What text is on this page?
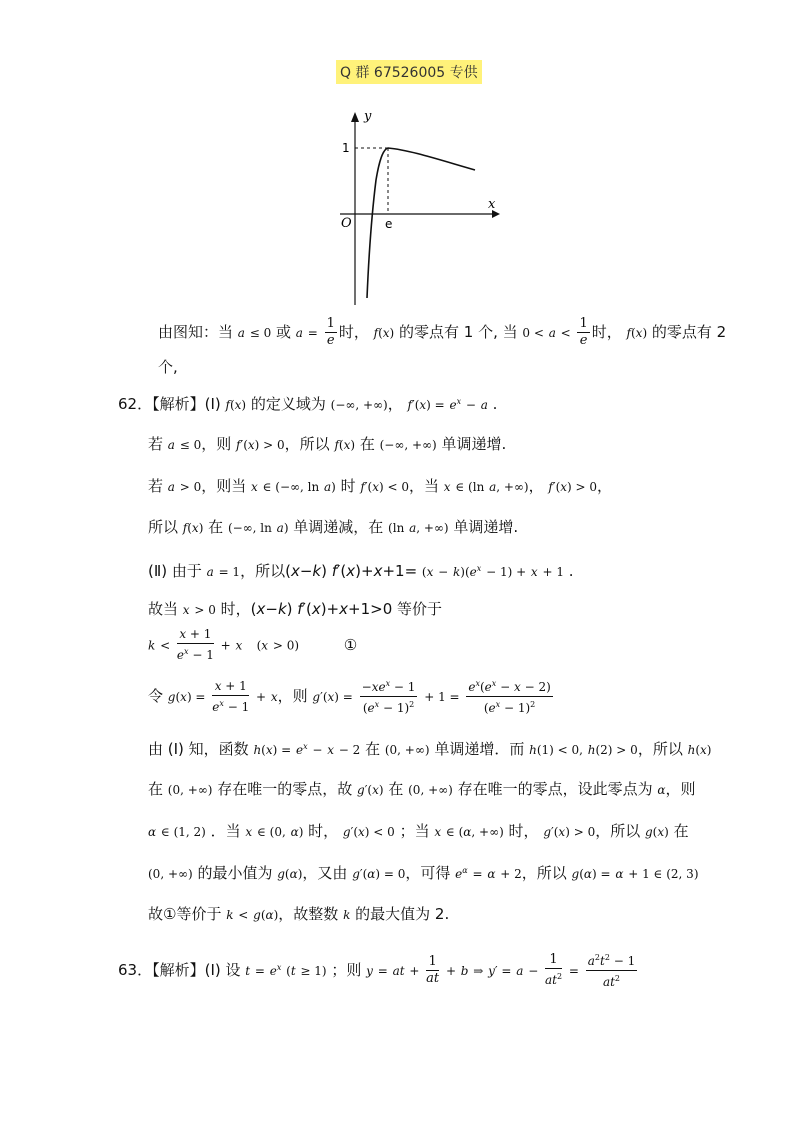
Q 群 67526005 专供
y
x
O
1
e
由图知：当 a ≤ 0 或 $a = \frac{1}{e}$ 时， f(x) 的零点有 1 个, 当 $0 < a < \frac{1}{e}$ 时， f(x) 的零点有 2
个,
62．【解析】(Ⅰ) f(x) 的定义域为 (−∞, +∞)， $f'(x) = e^x - a$ .
若 a ≤ 0，则 f′(x) > 0，所以 f(x) 在 (−∞, +∞) 单调递增.
若 a > 0，则当 x ∈ (−∞, ln a) 时 f′(x) < 0，当 x ∈ (ln a, +∞)， f′(x) > 0，
所以 f(x) 在 (−∞, ln a) 单调递减，在 (ln a, +∞) 单调递增.
(Ⅱ) 由于 a = 1，所以(x−k) $f'(x)+x+1= (x - k)(e^x - 1) + x + 1$ .
故当 x > 0 时，(x−k) f′(x)+x+1>0 等价于
$k < \frac{x + 1}{e^x - 1} + x$ (x > 0)	①
令 $g(x) = \frac{x + 1}{e^x - 1} + x$，则 $g'(x) = \frac{-xe^x - 1}{(e^x - 1)^2} + 1 = \frac{e^x(e^x - x - 2)}{(e^x - 1)^2}$
由 (Ⅰ) 知，函数 $h(x) = e^x - x - 2$ 在 (0, +∞) 单调递增．而 h(1) < 0, h(2) > 0，所以 h(x)
在 (0, +∞) 存在唯一的零点，故 g′(x) 在 (0, +∞) 存在唯一的零点，设此零点为 α，则
α ∈ (1, 2) ．当 x ∈ (0, α) 时， g′(x) < 0 ；当 x ∈ (α, +∞) 时， g′(x) > 0，所以 g(x) 在
(0, +∞) 的最小值为 g(α)，又由 g′(α) = 0，可得 $e^\alpha = \alpha + 2$，所以 g(α) = α + 1 ∈ (2, 3)
故①等价于 k < g(α)，故整数 k 的最大值为 2.
63．【解析】(Ⅰ) 设 $t = e^x$ (t ≥ 1) ；则 y = at + $\frac{1}{at} + b$ ⇒ $y' = a - \frac{1}{at^2} = \frac{a^2t^2 - 1}{at^2}$
